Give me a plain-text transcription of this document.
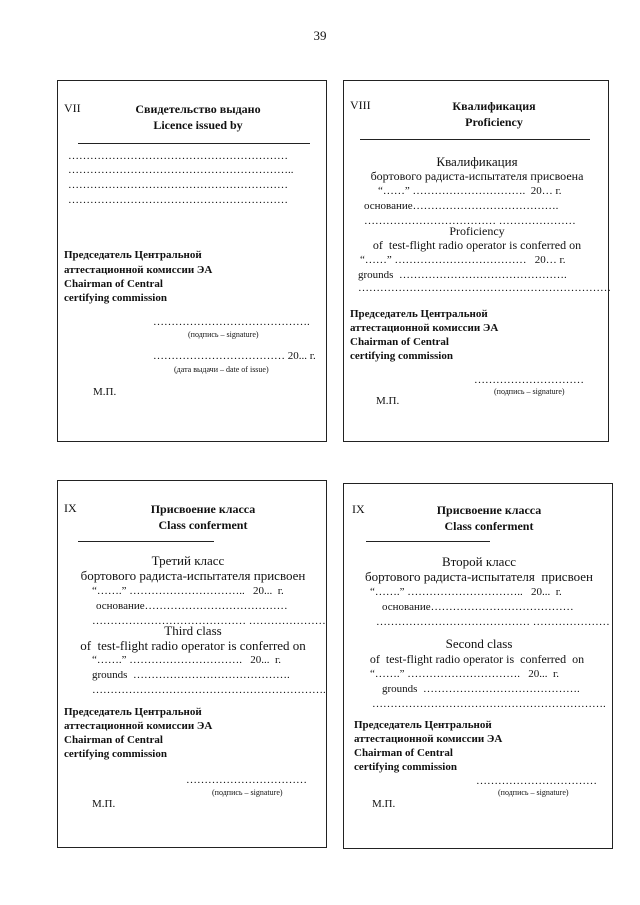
39
VII	Свидетельство выдано
Licence issued by
……………………………………………………
……………………………………………………..
……………………………………………………
……………………………………………………
Председатель Центральной
аттестационной комиссии ЭА
Chairman of Central
certifying commission
…………………………………….
(подпись – signature)
……………………………… 20... г.
(дата выдачи – date of issue)
М.П.
VIII	Квалификация
Proficiency
Квалификация
бортового радиста-испытателя присвоена
“……” ………………………….  20… г.
основание………………………………….
……………………………… …………………
Proficiency
of  test-flight radio operator is conferred on
“……” ………………………………   20… г.
grounds  ……………………………………….
……………………………………………………………
Председатель Центральной
аттестационной комиссии ЭА
Chairman of Central
certifying commission
…………………………
(подпись – signature)
М.П.
IX	Присвоение класса
Class conferment
Третий класс
бортового радиста-испытателя присвоен
“…….” …………………………..   20...  г.
основание…………………………………
…………………………………… …………………
Third class
of  test-flight radio operator is conferred on
“…….” ………………………….   20...  г.
grounds  …………………………………….
……………………………………………………….
Председатель Центральной
аттестационной комиссии ЭА
Chairman of Central
certifying commission
……………………………
(подпись – signature)
М.П.
IX	Присвоение класса
Class conferment
Второй класс
бортового радиста-испытателя  присвоен
“…….” …………………………..   20...  г.
основание…………………………………
…………………………………… …………………
Second class
of  test-flight radio operator is  conferred  on
“…….” ………………………….   20...  г.
grounds  …………………………………….
……………………………………………………….
Председатель Центральной
аттестационной комиссии ЭА
Chairman of Central
certifying commission
……………………………
(подпись – signature)
М.П.
